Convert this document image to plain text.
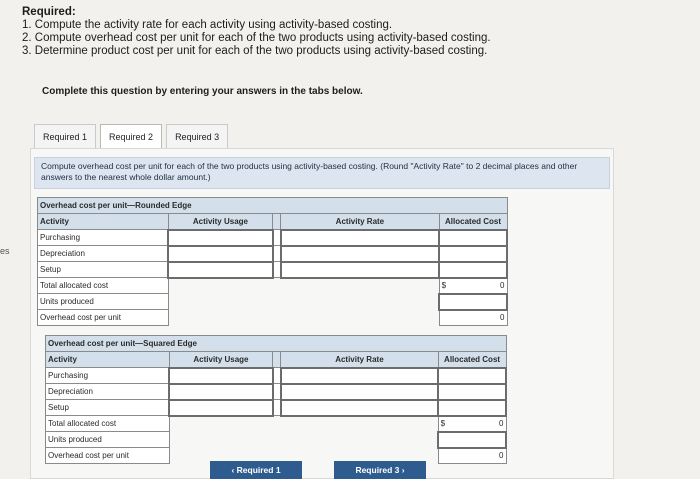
Required:
1. Compute the activity rate for each activity using activity-based costing.
2. Compute overhead cost per unit for each of the two products using activity-based costing.
3. Determine product cost per unit for each of the two products using activity-based costing.
es
Complete this question by entering your answers in the tabs below.
Required 1	Required 2	Required 3
Compute overhead cost per unit for each of the two products using activity-based costing. (Round "Activity Rate" to 2 decimal places and other answers to the nearest whole dollar amount.)
Overhead cost per unit—Rounded Edge				
Activity	Activity Usage		Activity Rate	Allocated Cost
Purchasing				
Depreciation				
Setup				
Total allocated cost				$ 0

Units produced				
Overhead cost per unit				0
Overhead cost per unit—Squared Edge				
Activity	Activity Usage		Activity Rate	Allocated Cost
Purchasing				
Depreciation				
Setup				
Total allocated cost				$ 0

Units produced				
Overhead cost per unit				0
‹ Required 1	Required 3 ›
